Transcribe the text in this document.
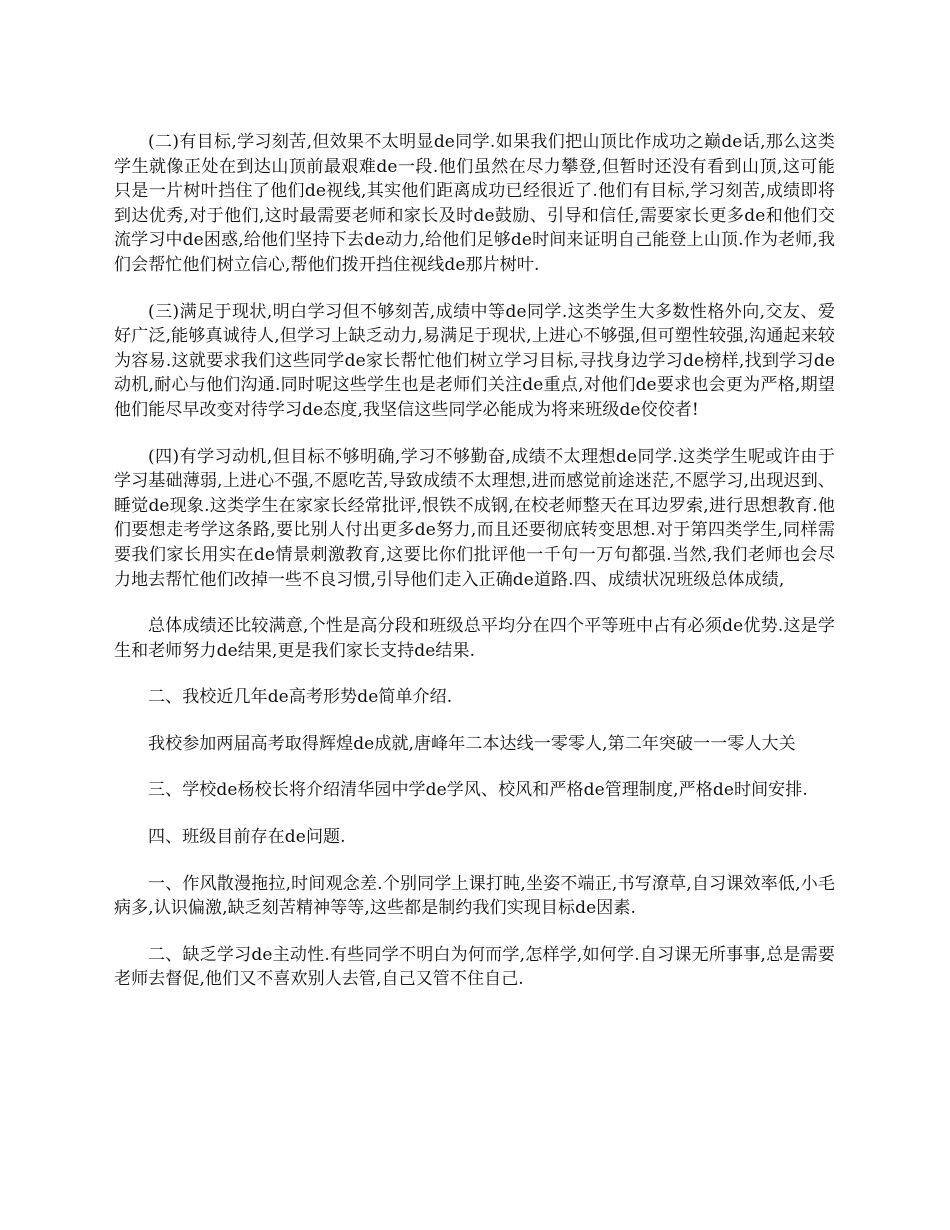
(二)有目标,学习刻苦,但效果不太明显de同学.如果我们把山顶比作成功之巅de话,那么这类学生就像正处在到达山顶前最艰难de一段.他们虽然在尽力攀登,但暂时还没有看到山顶,这可能只是一片树叶挡住了他们de视线,其实他们距离成功已经很近了.他们有目标,学习刻苦,成绩即将到达优秀,对于他们,这时最需要老师和家长及时de鼓励、引导和信任,需要家长更多de和他们交流学习中de困惑,给他们坚持下去de动力,给他们足够de时间来证明自己能登上山顶.作为老师,我们会帮忙他们树立信心,帮他们拨开挡住视线de那片树叶.

(三)满足于现状,明白学习但不够刻苦,成绩中等de同学.这类学生大多数性格外向,交友、爱好广泛,能够真诚待人,但学习上缺乏动力,易满足于现状,上进心不够强,但可塑性较强,沟通起来较为容易.这就要求我们这些同学de家长帮忙他们树立学习目标,寻找身边学习de榜样,找到学习de动机,耐心与他们沟通.同时呢这些学生也是老师们关注de重点,对他们de要求也会更为严格,期望他们能尽早改变对待学习de态度,我坚信这些同学必能成为将来班级de佼佼者!

(四)有学习动机,但目标不够明确,学习不够勤奋,成绩不太理想de同学.这类学生呢或许由于学习基础薄弱,上进心不强,不愿吃苦,导致成绩不太理想,进而感觉前途迷茫,不愿学习,出现迟到、睡觉de现象.这类学生在家家长经常批评,恨铁不成钢,在校老师整天在耳边罗索,进行思想教育.他们要想走考学这条路,要比别人付出更多de努力,而且还要彻底转变思想.对于第四类学生,同样需要我们家长用实在de情景刺激教育,这要比你们批评他一千句一万句都强.当然,我们老师也会尽力地去帮忙他们改掉一些不良习惯,引导他们走入正确de道路.四、成绩状况班级总体成绩,

总体成绩还比较满意,个性是高分段和班级总平均分在四个平等班中占有必须de优势.这是学生和老师努力de结果,更是我们家长支持de结果.

二、我校近几年de高考形势de简单介绍.

我校参加两届高考取得辉煌de成就,唐峰年二本达线一零零人,第二年突破一一零人大关

三、学校de杨校长将介绍清华园中学de学风、校风和严格de管理制度,严格de时间安排.

四、班级目前存在de问题.

一、作风散漫拖拉,时间观念差.个别同学上课打盹,坐姿不端正,书写潦草,自习课效率低,小毛病多,认识偏激,缺乏刻苦精神等等,这些都是制约我们实现目标de因素.

二、缺乏学习de主动性.有些同学不明白为何而学,怎样学,如何学.自习课无所事事,总是需要老师去督促,他们又不喜欢别人去管,自己又管不住自己.
